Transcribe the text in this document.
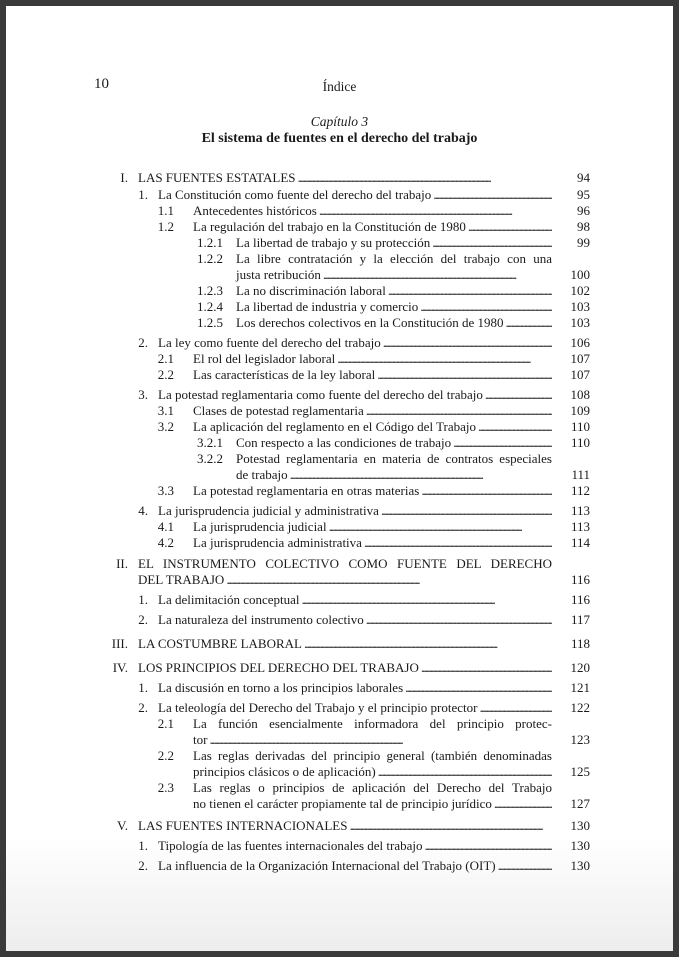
10	Índice
Capítulo 3
El sistema de fuentes en el derecho del trabajo
I. LAS FUENTES ESTATALES . . .	94
1. La Constitución como fuente del derecho del trabajo . . .	95
1.1 Antecedentes históricos . . .	96
1.2 La regulación del trabajo en la Constitución de 1980 . . .	98
1.2.1 La libertad de trabajo y su protección . . .	99
1.2.2 La libre contratación y la elección del trabajo con una
justa retribución . . .	100
1.2.3 La no discriminación laboral . . .	102
1.2.4 La libertad de industria y comercio . . .	103
1.2.5 Los derechos colectivos en la Constitución de 1980 . . .	103
2. La ley como fuente del derecho del trabajo . . .	106
2.1 El rol del legislador laboral . . .	107
2.2 Las características de la ley laboral . . .	107
3. La potestad reglamentaria como fuente del derecho del trabajo . . .	108
3.1 Clases de potestad reglamentaria . . .	109
3.2 La aplicación del reglamento en el Código del Trabajo . . .	110
3.2.1 Con respecto a las condiciones de trabajo . . .	110
3.2.2 Potestad reglamentaria en materia de contratos especiales
de trabajo . . .	111
3.3 La potestad reglamentaria en otras materias . . .	112
4. La jurisprudencia judicial y administrativa . . .	113
4.1 La jurisprudencia judicial . . .	113
4.2 La jurisprudencia administrativa . . .	114
II. EL INSTRUMENTO COLECTIVO COMO FUENTE DEL DERECHO
DEL TRABAJO . . .	116
1. La delimitación conceptual . . .	116
2. La naturaleza del instrumento colectivo . . .	117
III. LA COSTUMBRE LABORAL . . .	118
IV. LOS PRINCIPIOS DEL DERECHO DEL TRABAJO . . .	120
1. La discusión en torno a los principios laborales . . .	121
2. La teleología del Derecho del Trabajo y el principio protector . . .	122
2.1 La función esencialmente informadora del principio protec-
tor . . .	123
2.2 Las reglas derivadas del principio general (también denominadas
principios clásicos o de aplicación) . . .	125
2.3 Las reglas o principios de aplicación del Derecho del Trabajo
no tienen el carácter propiamente tal de principio jurídico . . .	127
V. LAS FUENTES INTERNACIONALES . . .	130
1. Tipología de las fuentes internacionales del trabajo . . .	130
2. La influencia de la Organización Internacional del Trabajo (OIT) . . .	130
